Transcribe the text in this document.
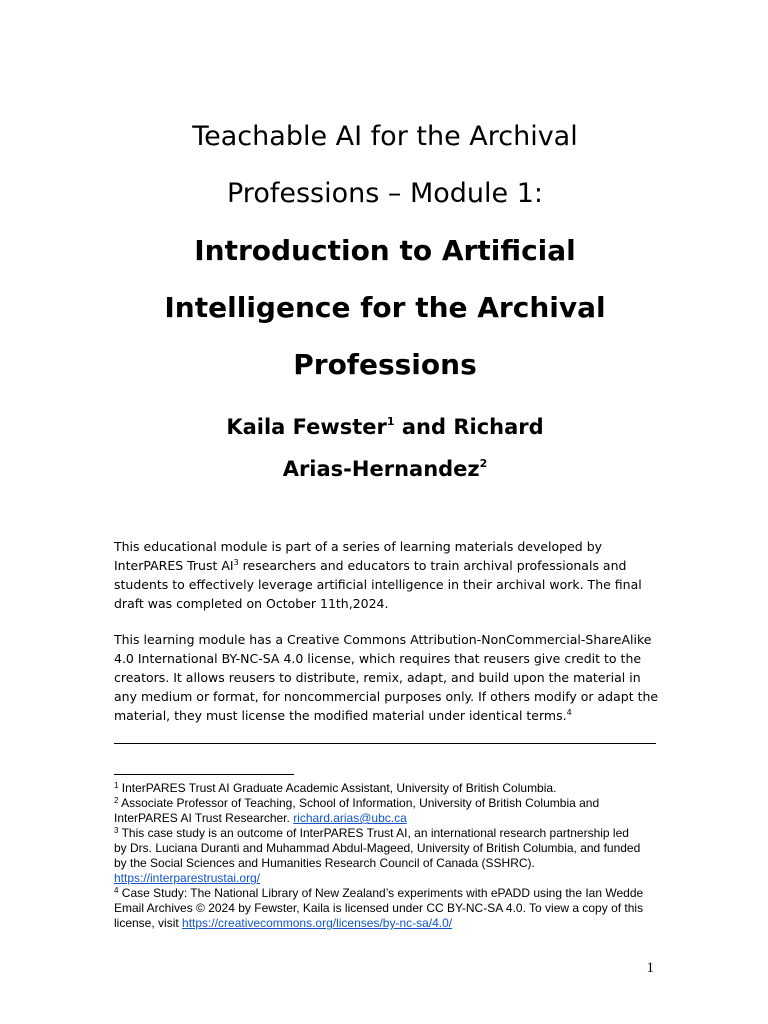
Teachable AI for the Archival

Professions – Module 1:

Introduction to Artificial

Intelligence for the Archival

Professions

Kaila Fewster$^1$ and Richard
Arias-Hernandez$^2$
This educational module is part of a series of learning materials developed by InterPARES Trust $AI^3$ researchers and educators to train archival professionals and students to effectively leverage artificial intelligence in their archival work. The final draft was completed on October 11th,2024.
This learning module has a Creative Commons Attribution-NonCommercial-ShareAlike 4.0 International BY-NC-SA 4.0 license, which requires that reusers give credit to the creators. It allows reusers to distribute, remix, adapt, and build upon the material in any medium or format, for noncommercial purposes only. If others modify or adapt the material, they must license the modified material under identical terms.$^4$

$^1$ InterPARES Trust AI Graduate Academic Assistant, University of British Columbia.

$^2$ Associate Professor of Teaching, School of Information, University of British Columbia and InterPARES AI Trust Researcher. richard.arias@ubc.ca

$^3$ This case study is an outcome of InterPARES Trust AI, an international research partnership led by Drs. Luciana Duranti and Muhammad Abdul-Mageed, University of British Columbia, and funded by the Social Sciences and Humanities Research Council of Canada (SSHRC). https://interparestrustai.org/

$^4$ Case Study: The National Library of New Zealand’s experiments with ePADD using the Ian Wedde Email Archives © 2024 by Fewster, Kaila is licensed under CC BY-NC-SA 4.0. To view a copy of this license, visit https://creativecommons.org/licenses/by-nc-sa/4.0/

1
